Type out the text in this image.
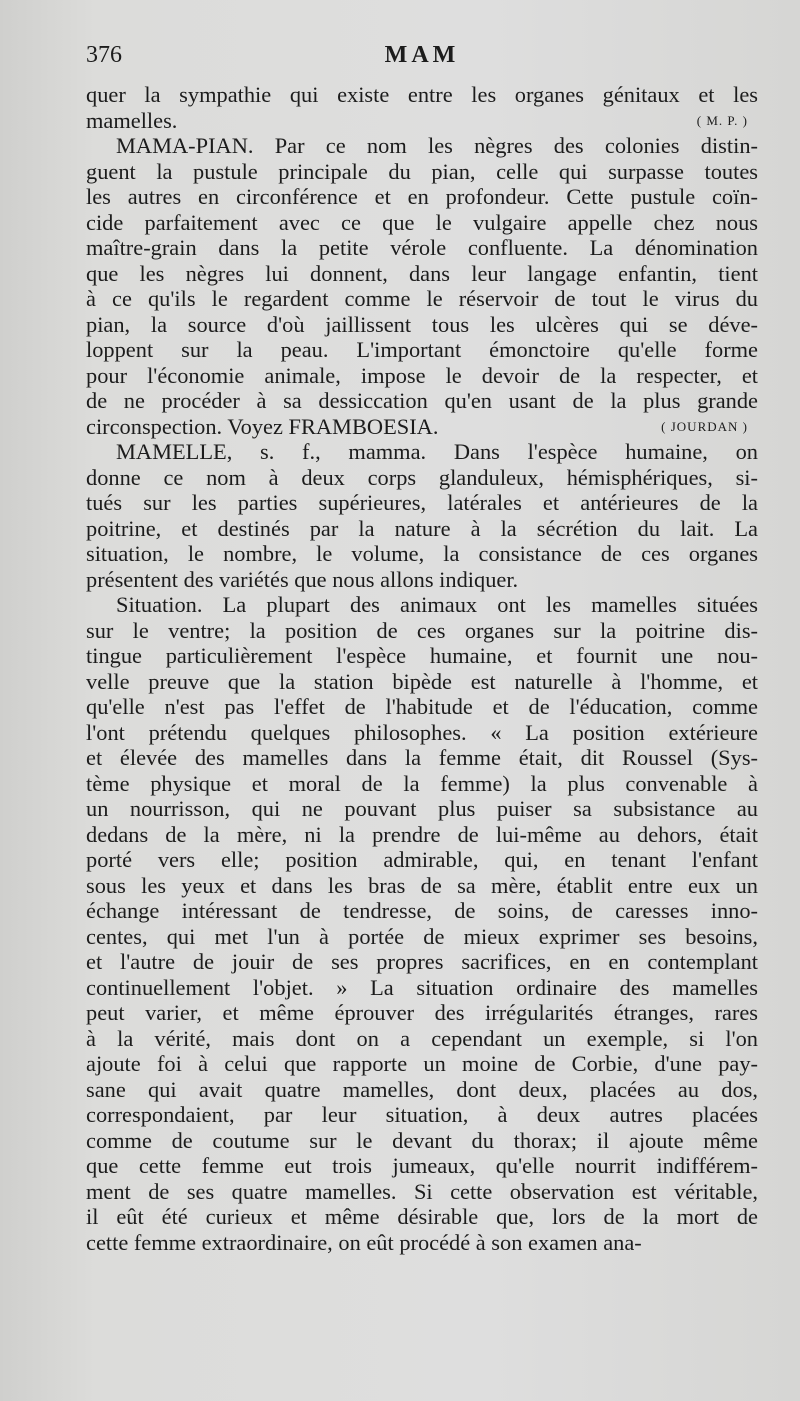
376	MAM
quer la sympathie qui existe entre les organes génitaux et les
mamelles.	( M. P. )
MAMA-PIAN. Par ce nom les nègres des colonies distin-
guent la pustule principale du pian, celle qui surpasse toutes
les autres en circonférence et en profondeur. Cette pustule coïn-
cide parfaitement avec ce que le vulgaire appelle chez nous
maître-grain dans la petite vérole confluente. La dénomination
que les nègres lui donnent, dans leur langage enfantin, tient
à ce qu'ils le regardent comme le réservoir de tout le virus du
pian, la source d'où jaillissent tous les ulcères qui se déve-
loppent sur la peau. L'important émonctoire qu'elle forme
pour l'économie animale, impose le devoir de la respecter, et
de ne procéder à sa dessiccation qu'en usant de la plus grande
circonspection. Voyez FRAMBOESIA.	( JOURDAN )
MAMELLE, s. f., mamma. Dans l'espèce humaine, on
donne ce nom à deux corps glanduleux, hémisphériques, si-
tués sur les parties supérieures, latérales et antérieures de la
poitrine, et destinés par la nature à la sécrétion du lait. La
situation, le nombre, le volume, la consistance de ces organes
présentent des variétés que nous allons indiquer.
Situation. La plupart des animaux ont les mamelles situées
sur le ventre; la position de ces organes sur la poitrine dis-
tingue particulièrement l'espèce humaine, et fournit une nou-
velle preuve que la station bipède est naturelle à l'homme, et
qu'elle n'est pas l'effet de l'habitude et de l'éducation, comme
l'ont prétendu quelques philosophes. « La position extérieure
et élevée des mamelles dans la femme était, dit Roussel (Sys-
tème physique et moral de la femme) la plus convenable à
un nourrisson, qui ne pouvant plus puiser sa subsistance au
dedans de la mère, ni la prendre de lui-même au dehors, était
porté vers elle; position admirable, qui, en tenant l'enfant
sous les yeux et dans les bras de sa mère, établit entre eux un
échange intéressant de tendresse, de soins, de caresses inno-
centes, qui met l'un à portée de mieux exprimer ses besoins,
et l'autre de jouir de ses propres sacrifices, en en contemplant
continuellement l'objet. » La situation ordinaire des mamelles
peut varier, et même éprouver des irrégularités étranges, rares
à la vérité, mais dont on a cependant un exemple, si l'on
ajoute foi à celui que rapporte un moine de Corbie, d'une pay-
sane qui avait quatre mamelles, dont deux, placées au dos,
correspondaient, par leur situation, à deux autres placées
comme de coutume sur le devant du thorax; il ajoute même
que cette femme eut trois jumeaux, qu'elle nourrit indifférem-
ment de ses quatre mamelles. Si cette observation est véritable,
il eût été curieux et même désirable que, lors de la mort de
cette femme extraordinaire, on eût procédé à son examen ana-
